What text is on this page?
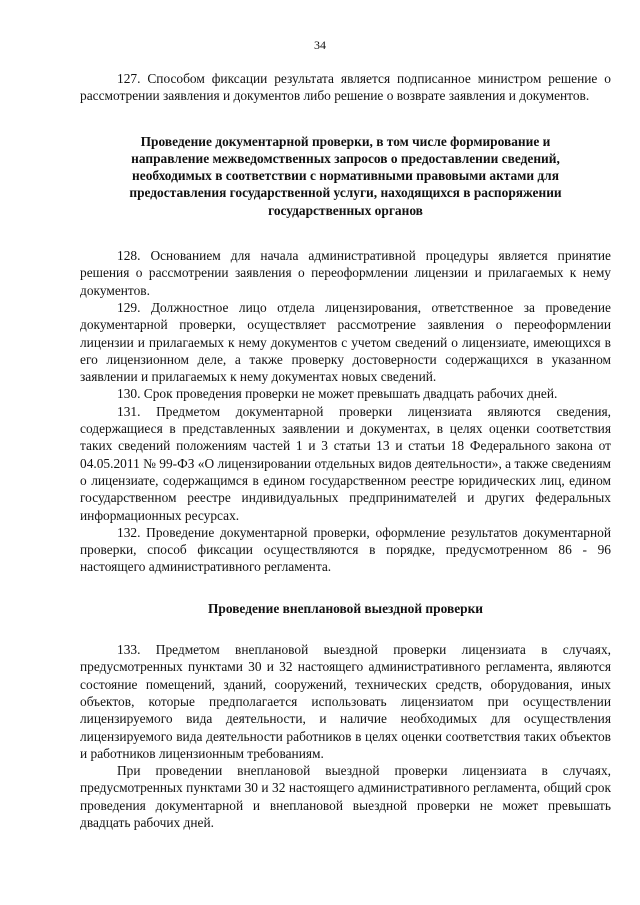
34

127. Способом фиксации результата является подписанное министром решение о рассмотрении заявления и документов либо решение о возврате заявления и документов.

Проведение документарной проверки, в том числе формирование и направление межведомственных запросов о предоставлении сведений, необходимых в соответствии с нормативными правовыми актами для предоставления государственной услуги, находящихся в распоряжении государственных органов

128. Основанием для начала административной процедуры является принятие решения о рассмотрении заявления о переоформлении лицензии и прилагаемых к нему документов.

129. Должностное лицо отдела лицензирования, ответственное за проведение документарной проверки, осуществляет рассмотрение заявления о переоформлении лицензии и прилагаемых к нему документов с учетом сведений о лицензиате, имеющихся в его лицензионном деле, а также проверку достоверности содержащихся в указанном заявлении и прилагаемых к нему документах новых сведений.

130. Срок проведения проверки не может превышать двадцать рабочих дней.

131. Предметом документарной проверки лицензиата являются сведения, содержащиеся в представленных заявлении и документах, в целях оценки соответствия таких сведений положениям частей 1 и 3 статьи 13 и статьи 18 Федерального закона от 04.05.2011 № 99-ФЗ «О лицензировании отдельных видов деятельности», а также сведениям о лицензиате, содержащимся в едином государственном реестре юридических лиц, едином государственном реестре индивидуальных предпринимателей и других федеральных информационных ресурсах.

132. Проведение документарной проверки, оформление результатов документарной проверки, способ фиксации осуществляются в порядке, предусмотренном 86 - 96 настоящего административного регламента.

Проведение внеплановой выездной проверки

133. Предметом внеплановой выездной проверки лицензиата в случаях, предусмотренных пунктами 30 и 32 настоящего административного регламента, являются состояние помещений, зданий, сооружений, технических средств, оборудования, иных объектов, которые предполагается использовать лицензиатом при осуществлении лицензируемого вида деятельности, и наличие необходимых для осуществления лицензируемого вида деятельности работников в целях оценки соответствия таких объектов и работников лицензионным требованиям.

При проведении внеплановой выездной проверки лицензиата в случаях, предусмотренных пунктами 30 и 32 настоящего административного регламента, общий срок проведения документарной и внеплановой выездной проверки не может превышать двадцать рабочих дней.
